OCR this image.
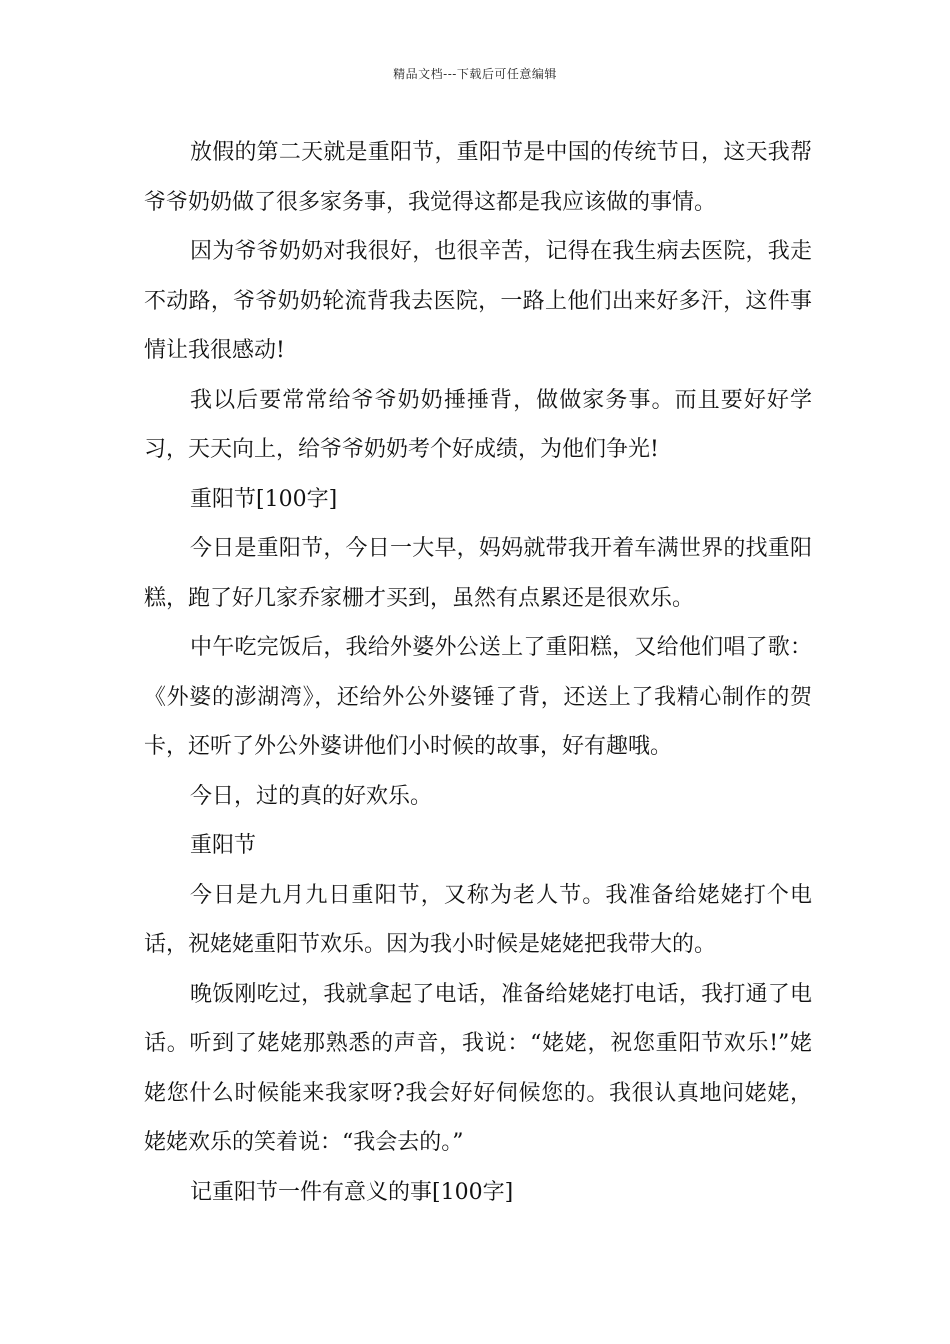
精品文档---下载后可任意编辑

放假的第二天就是重阳节，重阳节是中国的传统节日，这天我帮爷爷奶奶做了很多家务事，我觉得这都是我应该做的事情。

因为爷爷奶奶对我很好，也很辛苦，记得在我生病去医院，我走不动路，爷爷奶奶轮流背我去医院，一路上他们出来好多汗，这件事情让我很感动!

我以后要常常给爷爷奶奶捶捶背，做做家务事。而且要好好学习，天天向上，给爷爷奶奶考个好成绩，为他们争光!

重阳节[100字]

今日是重阳节，今日一大早，妈妈就带我开着车满世界的找重阳糕，跑了好几家乔家栅才买到，虽然有点累还是很欢乐。

中午吃完饭后，我给外婆外公送上了重阳糕，又给他们唱了歌：《外婆的澎湖湾》，还给外公外婆锤了背，还送上了我精心制作的贺卡，还听了外公外婆讲他们小时候的故事，好有趣哦。

今日，过的真的好欢乐。

重阳节

今日是九月九日重阳节，又称为老人节。我准备给姥姥打个电话，祝姥姥重阳节欢乐。因为我小时候是姥姥把我带大的。

晚饭刚吃过，我就拿起了电话，准备给姥姥打电话，我打通了电话。听到了姥姥那熟悉的声音，我说：“姥姥，祝您重阳节欢乐!”姥姥您什么时候能来我家呀?我会好好伺候您的。我很认真地问姥姥，姥姥欢乐的笑着说：“我会去的。”

记重阳节一件有意义的事[100字]
